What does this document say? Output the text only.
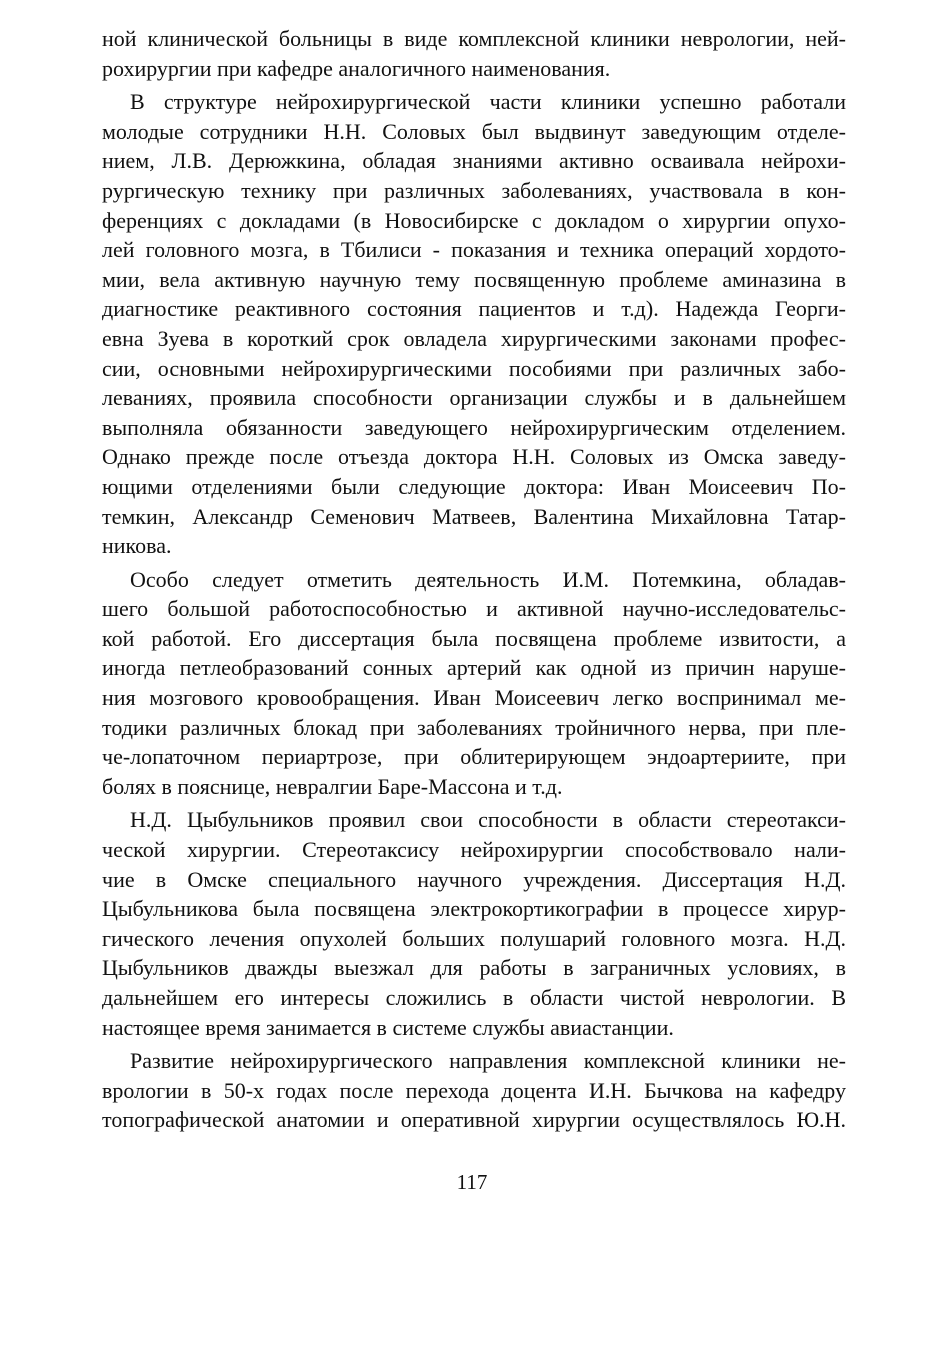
ной клинической больницы в виде комплексной клиники неврологии, ней-
рохирургии при кафедре аналогичного наименования.
В структуре нейрохирургической части клиники успешно работали
молодые сотрудники Н.Н. Соловых был выдвинут заведующим отделе-
нием, Л.В. Дерюжкина, обладая знаниями активно осваивала нейрохи-
рургическую технику при различных заболеваниях, участвовала в кон-
ференциях с докладами (в Новосибирске с докладом о хирургии опухо-
лей головного мозга, в Тбилиси - показания и техника операций хордото-
мии, вела активную научную тему посвященную проблеме аминазина в
диагностике реактивного состояния пациентов и т.д). Надежда Георги-
евна Зуева в короткий срок овладела хирургическими законами профес-
сии, основными нейрохирургическими пособиями при различных забо-
леваниях, проявила способности организации службы и в дальнейшем
выполняла обязанности заведующего нейрохирургическим отделением.
Однако прежде после отъезда доктора Н.Н. Соловых из Омска заведу-
ющими отделениями были следующие доктора: Иван Моисеевич По-
темкин, Александр Семенович Матвеев, Валентина Михайловна Татар-
никова.
Особо следует отметить деятельность И.М. Потемкина, обладав-
шего большой работоспособностью и активной научно-исследовательс-
кой работой. Его диссертация была посвящена проблеме извитости, а
иногда петлеобразований сонных артерий как одной из причин наруше-
ния мозгового кровообращения. Иван Моисеевич легко воспринимал ме-
тодики различных блокад при заболеваниях тройничного нерва, при пле-
че-лопаточном периартрозе, при облитерирующем эндоартериите, при
болях в пояснице, невралгии Баре-Массона и т.д.
Н.Д. Цыбульников проявил свои способности в области стереотакси-
ческой хирургии. Стереотаксису нейрохирургии способствовало нали-
чие в Омске специального научного учреждения. Диссертация Н.Д.
Цыбульникова была посвящена электрокортикографии в процессе хирур-
гического лечения опухолей больших полушарий головного мозга. Н.Д.
Цыбульников дважды выезжал для работы в заграничных условиях, в
дальнейшем его интересы сложились в области чистой неврологии. В
настоящее время занимается в системе службы авиастанции.
Развитие нейрохирургического направления комплексной клиники не-
врологии в 50-х годах после перехода доцента И.Н. Бычкова на кафедру
топографической анатомии и оперативной хирургии осуществлялось Ю.Н.
117
